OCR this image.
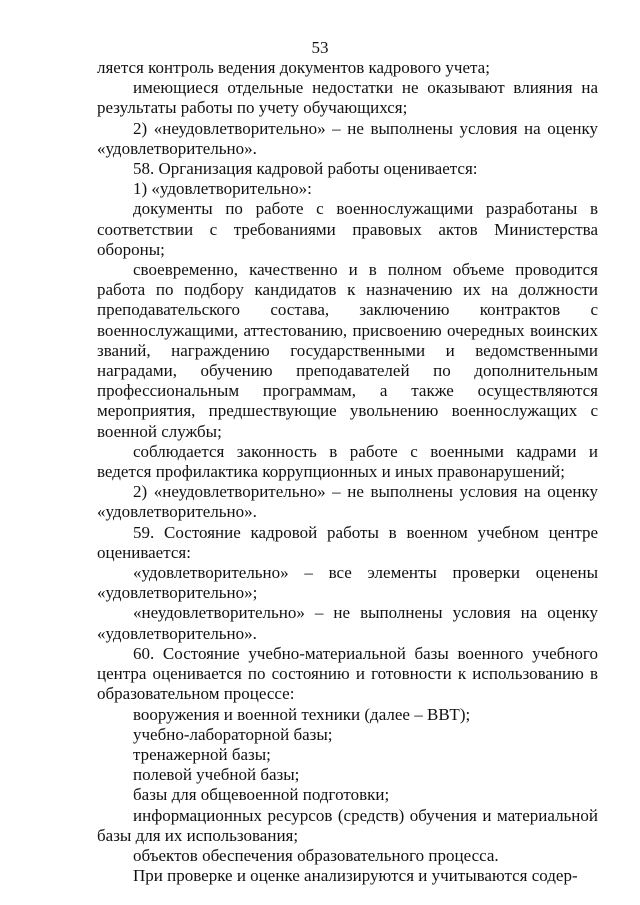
53

ляется контроль ведения документов кадрового учета;

имеющиеся отдельные недостатки не оказывают влияния на результаты работы по учету обучающихся;

2) «неудовлетворительно» – не выполнены условия на оценку «удовлетворительно».

58. Организация кадровой работы оценивается:

1) «удовлетворительно»:

документы по работе с военнослужащими разработаны в соответствии с требованиями правовых актов Министерства обороны;

своевременно, качественно и в полном объеме проводится работа по подбору кандидатов к назначению их на должности преподавательского состава, заключению контрактов с военнослужащими, аттестованию, присвоению очередных воинских званий, награждению государственными и ведомственными наградами, обучению преподавателей по дополнительным профессиональным программам, а также осуществляются мероприятия, предшествующие увольнению военнослужащих с военной службы;

соблюдается законность в работе с военными кадрами и ведется профилактика коррупционных и иных правонарушений;

2) «неудовлетворительно» – не выполнены условия на оценку «удовлетворительно».

59. Состояние кадровой работы в военном учебном центре оценивается:

«удовлетворительно» – все элементы проверки оценены «удовлетворительно»;

«неудовлетворительно» – не выполнены условия на оценку «удовлетворительно».

60. Состояние учебно-материальной базы военного учебного центра оценивается по состоянию и готовности к использованию в образовательном процессе:

вооружения и военной техники (далее – ВВТ);

учебно-лабораторной базы;

тренажерной базы;

полевой учебной базы;

базы для общевоенной подготовки;

информационных ресурсов (средств) обучения и материальной базы для их использования;

объектов обеспечения образовательного процесса.

При проверке и оценке анализируются и учитываются содер-
